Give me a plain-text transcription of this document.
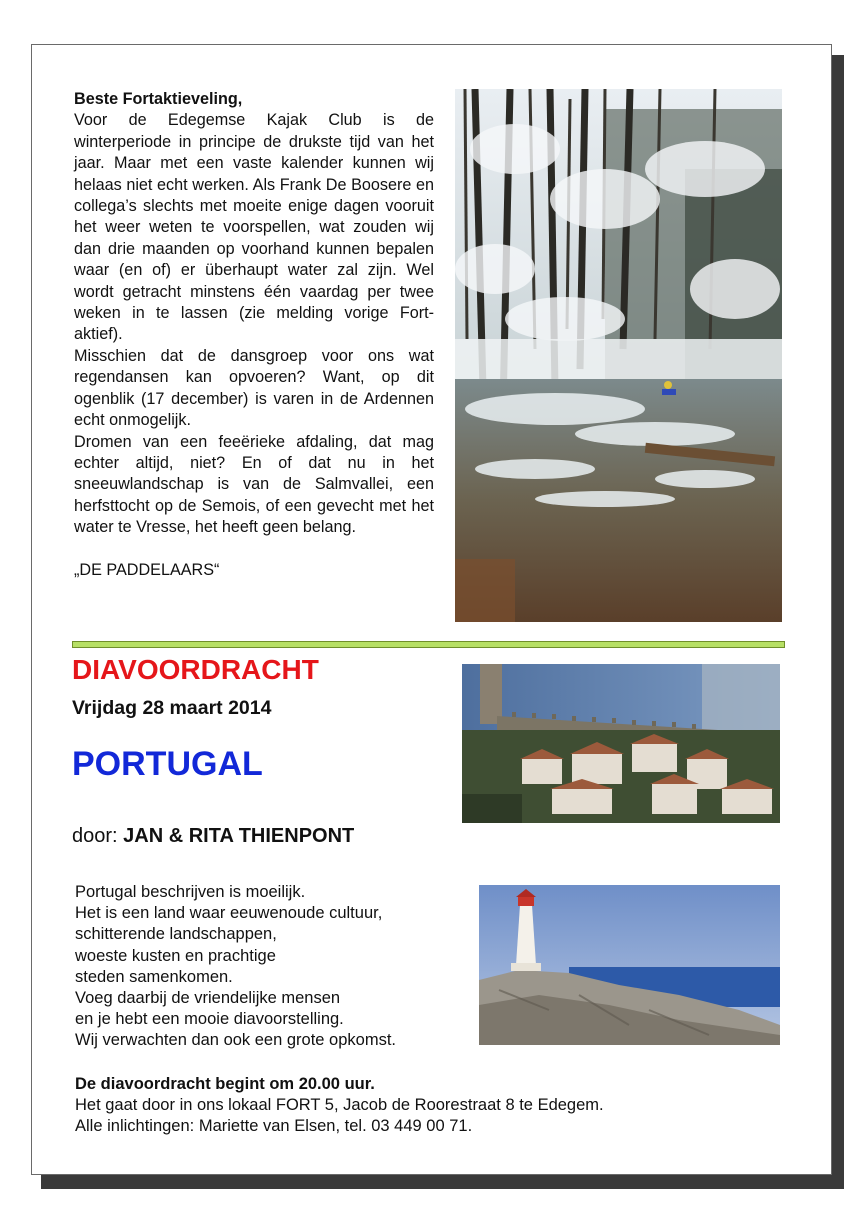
Beste Fortaktieveling,

Voor de Edegemse Kajak Club is de winterperiode in principe de drukste tijd van het jaar. Maar met een vaste kalender kunnen wij helaas niet echt werken. Als Frank De Boosere en collega’s slechts met moeite enige dagen vooruit het weer weten te voorspellen, wat zouden wij dan drie maanden op voorhand kunnen bepalen waar (en of) er überhaupt water zal zijn. Wel wordt getracht minstens één vaardag per twee weken in te lassen (zie melding vorige Fort-aktief).

Misschien dat de dansgroep voor ons wat regendansen kan opvoeren? Want, op dit ogenblik (17 december) is varen in de Ardennen echt onmogelijk.

Dromen van een feeërieke afdaling, dat mag echter altijd, niet? En of dat nu in het sneeuwlandschap is van de Salmvallei, een herfsttocht op de Semois, of een gevecht met het water te Vresse, het heeft geen belang.

„DE PADDELAARS“

DIAVOORDRACHT
Vrijdag 28 maart 2014
PORTUGAL
door: JAN & RITA THIENPONT
Portugal beschrijven is moeilijk.
Het is een land waar eeuwenoude cultuur,
schitterende landschappen,
woeste kusten en prachtige
steden samenkomen.
Voeg daarbij de vriendelijke mensen
en je hebt een mooie diavoorstelling.
Wij verwachten dan ook een grote opkomst.
De diavoordracht begint om 20.00 uur.
Het gaat door in ons lokaal FORT 5, Jacob de Roorestraat 8 te Edegem.
Alle inlichtingen: Mariette van Elsen, tel. 03 449 00 71.
